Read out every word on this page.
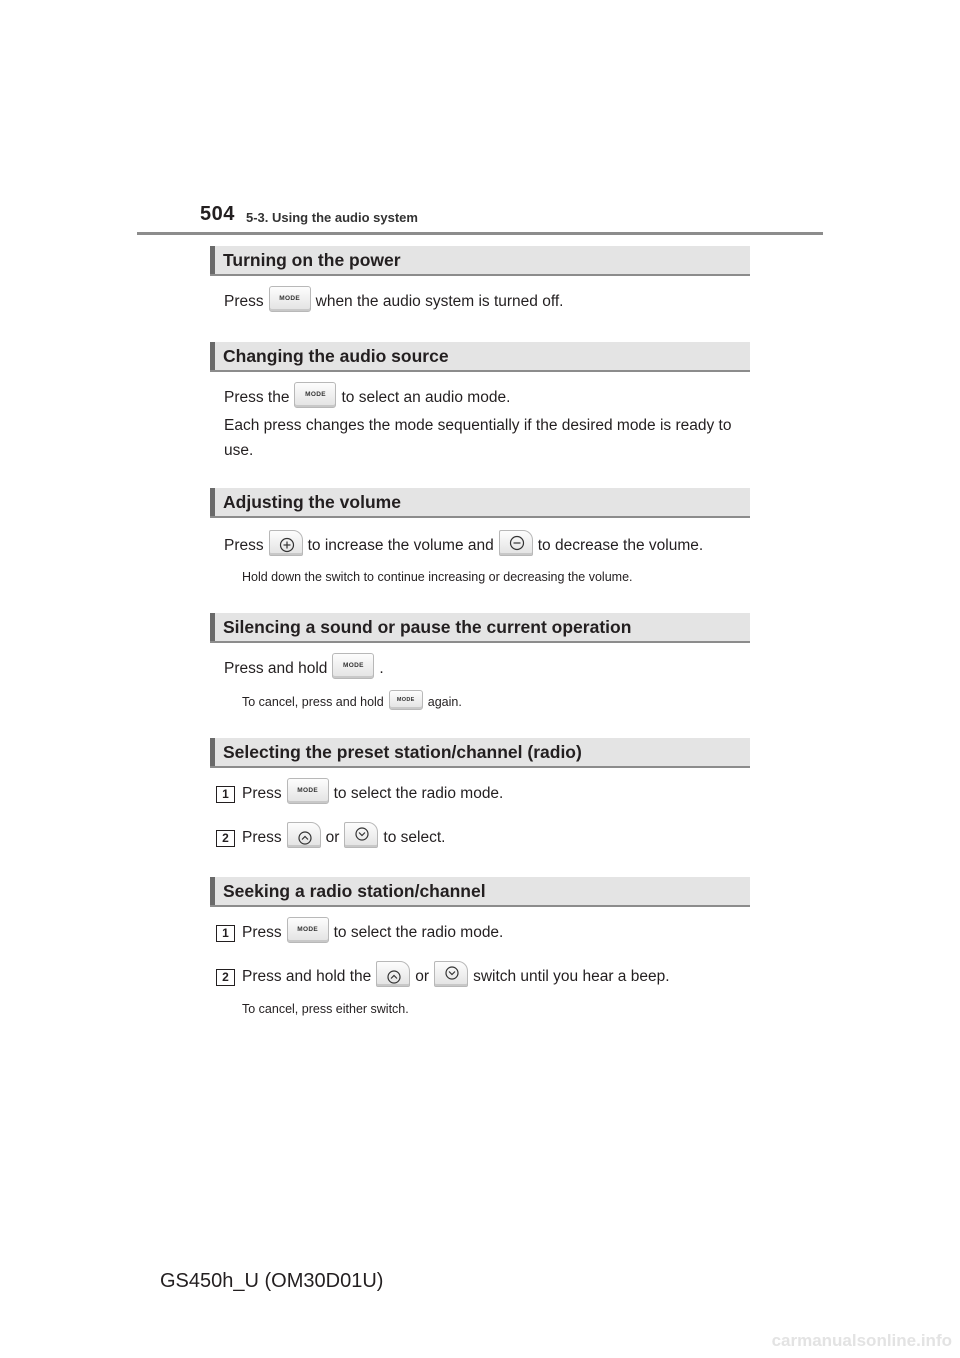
504 5-3. Using the audio system
Turning on the power
Press	MODE	when the audio system is turned off.
Changing the audio source
Press the	MODE	to select an audio mode.
Each press changes the mode sequentially if the desired mode is ready to use.
Adjusting the volume
Press	to increase the volume and	to decrease the volume.
Hold down the switch to continue increasing or decreasing the volume.
Silencing a sound or pause the current operation
Press and hold	MODE	.
To cancel, press and hold	MODE	again.
Selecting the preset station/channel (radio)
1 Press	MODE	to select the radio mode.
2 Press	or	to select.
Seeking a radio station/channel
1 Press	MODE	to select the radio mode.
2 Press and hold the	or	switch until you hear a beep.
To cancel, press either switch.
GS450h_U (OM30D01U)
carmanualsonline.info
